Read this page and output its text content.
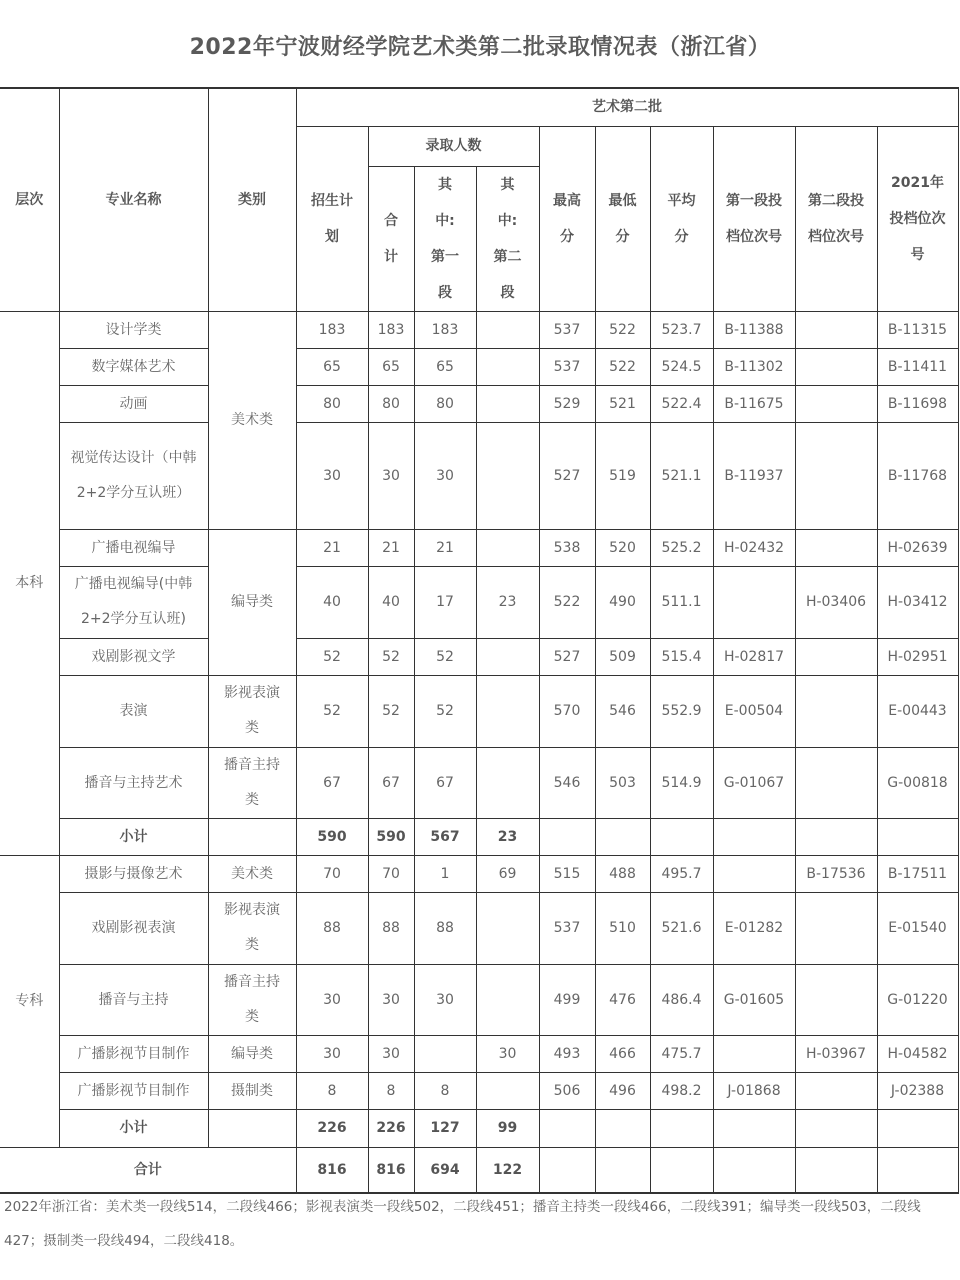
2022年宁波财经学院艺术类第二批录取情况表（浙江省）
层次	专业名称	类别	艺术第二批									

			招生计划	录取人数			最高分	最低分	平均分	第一段投档位次号	第二段投档位次号	2021年投档位次号

				合计	其中:第一段	其中:第二段						

本科	设计学类	美术类	183	183	183		537	522	523.7	B-11388		B-11315
	数字媒体艺术		65	65	65		537	522	524.5	B-11302		B-11411
	动画		80	80	80		529	521	522.4	B-11675		B-11698

	视觉传达设计（中韩2+2学分互认班）		30	30	30		527	519	521.1	B-11937		B-11768
	广播电视编导	编导类	21	21	21		538	520	525.2	H-02432		H-02639

	广播电视编导(中韩2+2学分互认班)		40	40	17	23	522	490	511.1		H-03406	H-03412
	戏剧影视文学		52	52	52		527	509	515.4	H-02817		H-02951
	表演	影视表演类	52	52	52		570	546	552.9	E-00504		E-00443
	播音与主持艺术	播音主持类	67	67	67		546	503	514.9	G-01067		G-00818
	小计		590	590	567	23						
专科	摄影与摄像艺术	美术类	70	70	1	69	515	488	495.7		B-17536	B-17511
	戏剧影视表演	影视表演类	88	88	88		537	510	521.6	E-01282		E-01540
	播音与主持	播音主持类	30	30	30		499	476	486.4	G-01605		G-01220
	广播影视节目制作	编导类	30	30		30	493	466	475.7		H-03967	H-04582
	广播影视节目制作	摄制类	8	8	8		506	496	498.2	J-01868		J-02388
	小计		226	226	127	99						
合计			816	816	694	122						
2022年浙江省：美术类一段线514，二段线466；影视表演类一段线502，二段线451；播音主持类一段线466，二段线391；编导类一段线503，二段线427；摄制类一段线494，二段线418。
